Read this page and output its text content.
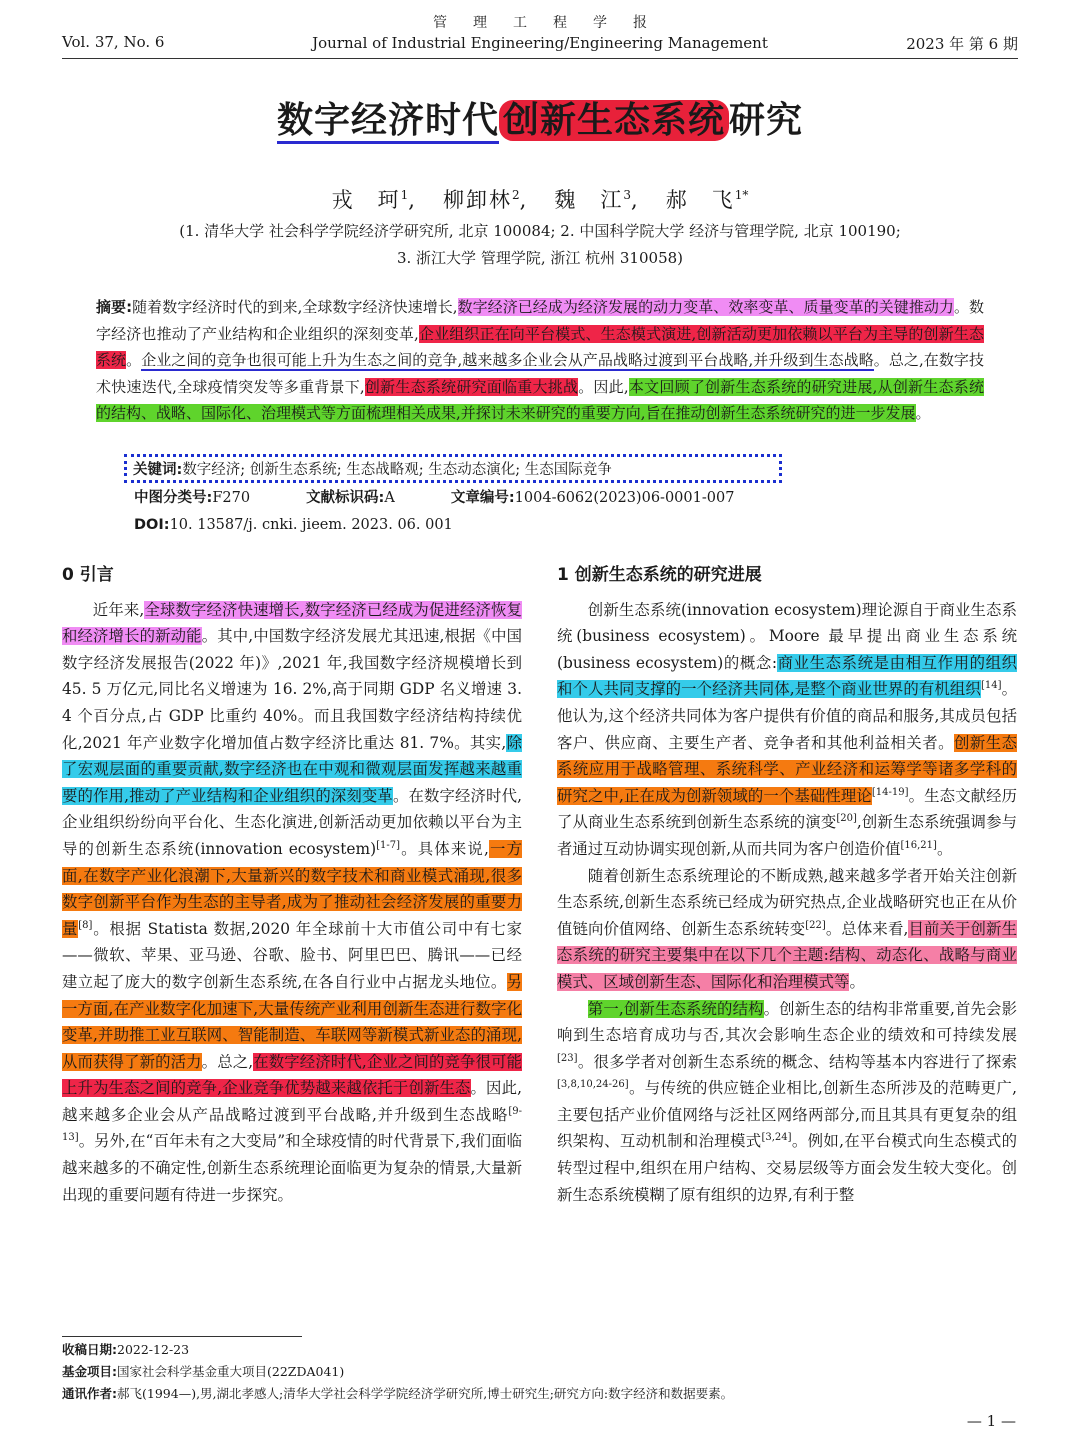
Vol. 37, No. 6
管理工程学报
Journal of Industrial Engineering/Engineering Management	2023 年 第 6 期
数字经济时代 创新生态系统 研究
戎　珂$^1$,   柳卸林$^2$,   魏　江$^3$,   郝　飞$^{1*}$
(1. 清华大学 社会科学学院经济学研究所, 北京 100084; 2. 中国科学院大学 经济与管理学院, 北京 100190;
3. 浙江大学 管理学院, 浙江 杭州 310058)
摘要:随着数字经济时代的到来,全球数字经济快速增长,数字经济已经成为经济发展的动力变革、效率变革、质量变革的关键推动力。数字经济也推动了产业结构和企业组织的深刻变革,企业组织正在向平台模式、生态模式演进,创新活动更加依赖以平台为主导的创新生态系统。企业之间的竞争也很可能上升为生态之间的竞争,越来越多企业会从产品战略过渡到平台战略,并升级到生态战略。总之,在数字技术快速迭代,全球疫情突发等多重背景下,创新生态系统研究面临重大挑战。因此,本文回顾了创新生态系统的研究进展,从创新生态系统的结构、战略、国际化、治理模式等方面梳理相关成果,并探讨未来研究的重要方向,旨在推动创新生态系统研究的进一步发展。
关键词:数字经济; 创新生态系统; 生态战略观; 生态动态演化; 生态国际竞争
中图分类号:F270	文献标识码:A	文章编号:1004-6062(2023)06-0001-007
DOI:10. 13587/j. cnki. jieem. 2023. 06. 001
0 引言

近年来,全球数字经济快速增长,数字经济已经成为促进经济恢复和经济增长的新动能。其中,中国数字经济发展尤其迅速,根据《中国数字经济发展报告(2022 年)》,2021 年,我国数字经济规模增长到 45. 5 万亿元,同比名义增速为 16. 2%,高于同期 GDP 名义增速 3. 4 个百分点,占 GDP 比重约 40%。而且我国数字经济结构持续优化,2021 年产业数字化增加值占数字经济比重达 81. 7%。其实,除了宏观层面的重要贡献,数字经济也在中观和微观层面发挥越来越重要的作用,推动了产业结构和企业组织的深刻变革。在数字经济时代,企业组织纷纷向平台化、生态化演进,创新活动更加依赖以平台为主导的创新生态系统(innovation ecosystem)[1-7]。具体来说,一方面,在数字产业化浪潮下,大量新兴的数字技术和商业模式涌现,很多数字创新平台作为生态的主导者,成为了推动社会经济发展的重要力量[8]。根据 Statista 数据,2020 年全球前十大市值公司中有七家——微软、苹果、亚马逊、谷歌、脸书、阿里巴巴、腾讯——已经建立起了庞大的数字创新生态系统,在各自行业中占据龙头地位。另一方面,在产业数字化加速下,大量传统产业利用创新生态进行数字化变革,并助推工业互联网、智能制造、车联网等新模式新业态的涌现,从而获得了新的活力。总之,在数字经济时代,企业之间的竞争很可能上升为生态之间的竞争,企业竞争优势越来越依托于创新生态。因此,越来越多企业会从产品战略过渡到平台战略,并升级到生态战略[9-13]。另外,在“百年未有之大变局”和全球疫情的时代背景下,我们面临越来越多的不确定性,创新生态系统理论面临更为复杂的情景,大量新出现的重要问题有待进一步探究。

1 创新生态系统的研究进展

创新生态系统(innovation ecosystem)理论源自于商业生态系统(business ecosystem)。Moore 最早提出商业生态系统(business ecosystem)的概念:商业生态系统是由相互作用的组织和个人共同支撑的一个经济共同体,是整个商业世界的有机组织[14]。他认为,这个经济共同体为客户提供有价值的商品和服务,其成员包括客户、供应商、主要生产者、竞争者和其他利益相关者。创新生态系统应用于战略管理、系统科学、产业经济和运筹学等诸多学科的研究之中,正在成为创新领域的一个基础性理论[14-19]。生态文献经历了从商业生态系统到创新生态系统的演变[20],创新生态系统强调参与者通过互动协调实现创新,从而共同为客户创造价值[16,21]。

随着创新生态系统理论的不断成熟,越来越多学者开始关注创新生态系统,创新生态系统已经成为研究热点,企业战略研究也正在从价值链向价值网络、创新生态系统转变[22]。总体来看,目前关于创新生态系统的研究主要集中在以下几个主题:结构、动态化、战略与商业模式、区域创新生态、国际化和治理模式等。

第一,创新生态系统的结构。创新生态的结构非常重要,首先会影响到生态培育成功与否,其次会影响生态企业的绩效和可持续发展[23]。很多学者对创新生态系统的概念、结构等基本内容进行了探索[3,8,10,24-26]。与传统的供应链企业相比,创新生态所涉及的范畴更广,主要包括产业价值网络与泛社区网络两部分,而且其具有更复杂的组织架构、互动机制和治理模式[3,24]。例如,在平台模式向生态模式的转型过程中,组织在用户结构、交易层级等方面会发生较大变化。创新生态系统模糊了原有组织的边界,有利于整

收稿日期:2022-12-23
基金项目:国家社会科学基金重大项目(22ZDA041)
通讯作者:郝飞(1994—),男,湖北孝感人;清华大学社会科学学院经济学研究所,博士研究生;研究方向:数字经济和数据要素。
— 1 —
